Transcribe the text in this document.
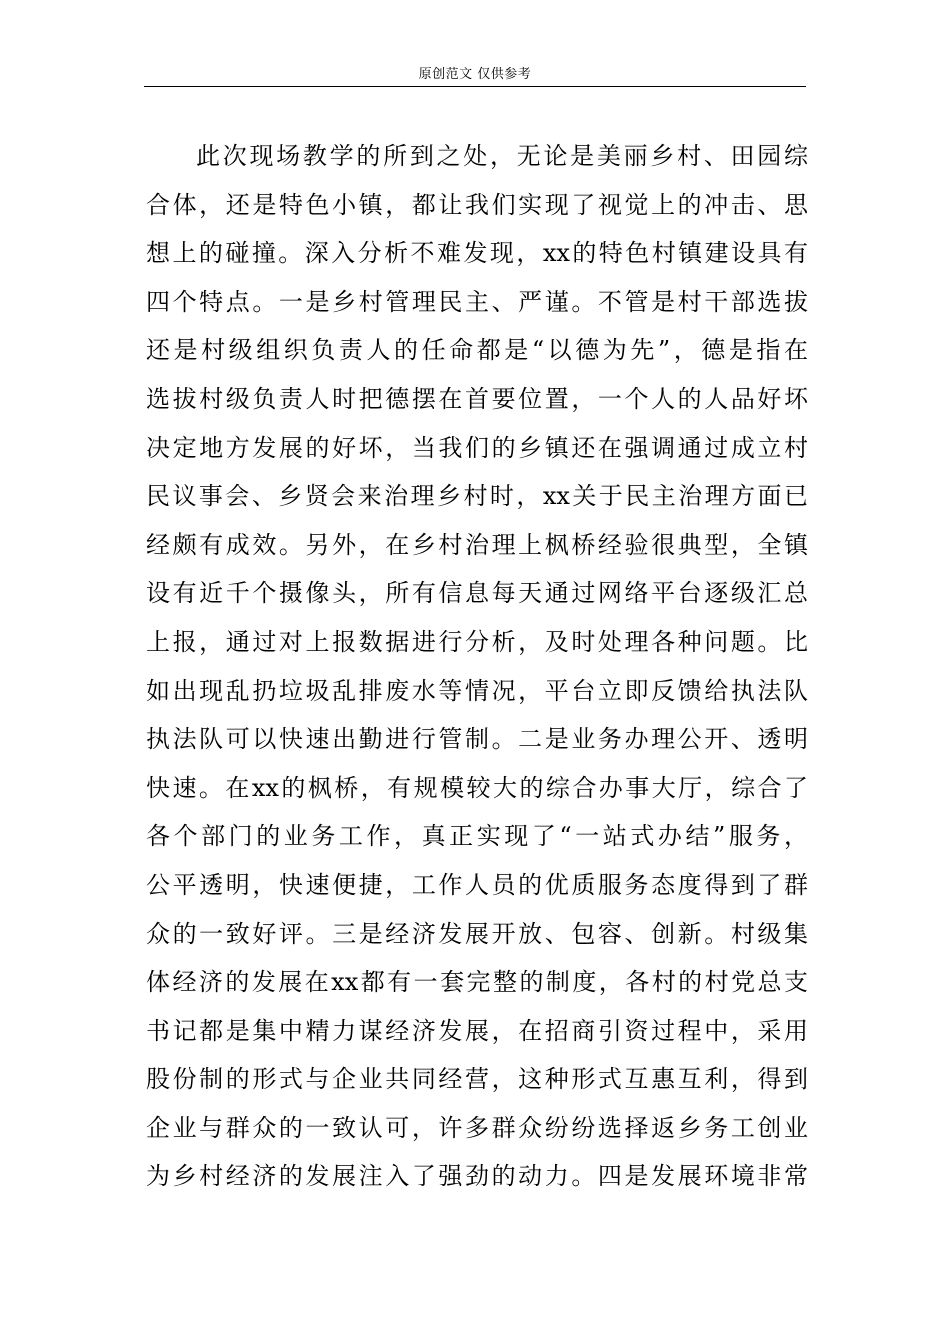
原创范文 仅供参考
此次现场教学的所到之处，无论是美丽乡村、田园综
合体，还是特色小镇，都让我们实现了视觉上的冲击、思
想上的碰撞。深入分析不难发现，xx的特色村镇建设具有
四个特点。一是乡村管理民主、严谨。不管是村干部选拔
还是村级组织负责人的任命都是“以德为先”，德是指在
选拔村级负责人时把德摆在首要位置，一个人的人品好坏
决定地方发展的好坏，当我们的乡镇还在强调通过成立村
民议事会、乡贤会来治理乡村时，xx关于民主治理方面已
经颇有成效。另外，在乡村治理上枫桥经验很典型，全镇
设有近千个摄像头，所有信息每天通过网络平台逐级汇总
上报，通过对上报数据进行分析，及时处理各种问题。比
如出现乱扔垃圾乱排废水等情况，平台立即反馈给执法队
执法队可以快速出勤进行管制。二是业务办理公开、透明
快速。在xx的枫桥，有规模较大的综合办事大厅，综合了
各个部门的业务工作，真正实现了“一站式办结”服务，
公平透明，快速便捷，工作人员的优质服务态度得到了群
众的一致好评。三是经济发展开放、包容、创新。村级集
体经济的发展在xx都有一套完整的制度，各村的村党总支
书记都是集中精力谋经济发展，在招商引资过程中，采用
股份制的形式与企业共同经营，这种形式互惠互利，得到
企业与群众的一致认可，许多群众纷纷选择返乡务工创业
为乡村经济的发展注入了强劲的动力。四是发展环境非常
